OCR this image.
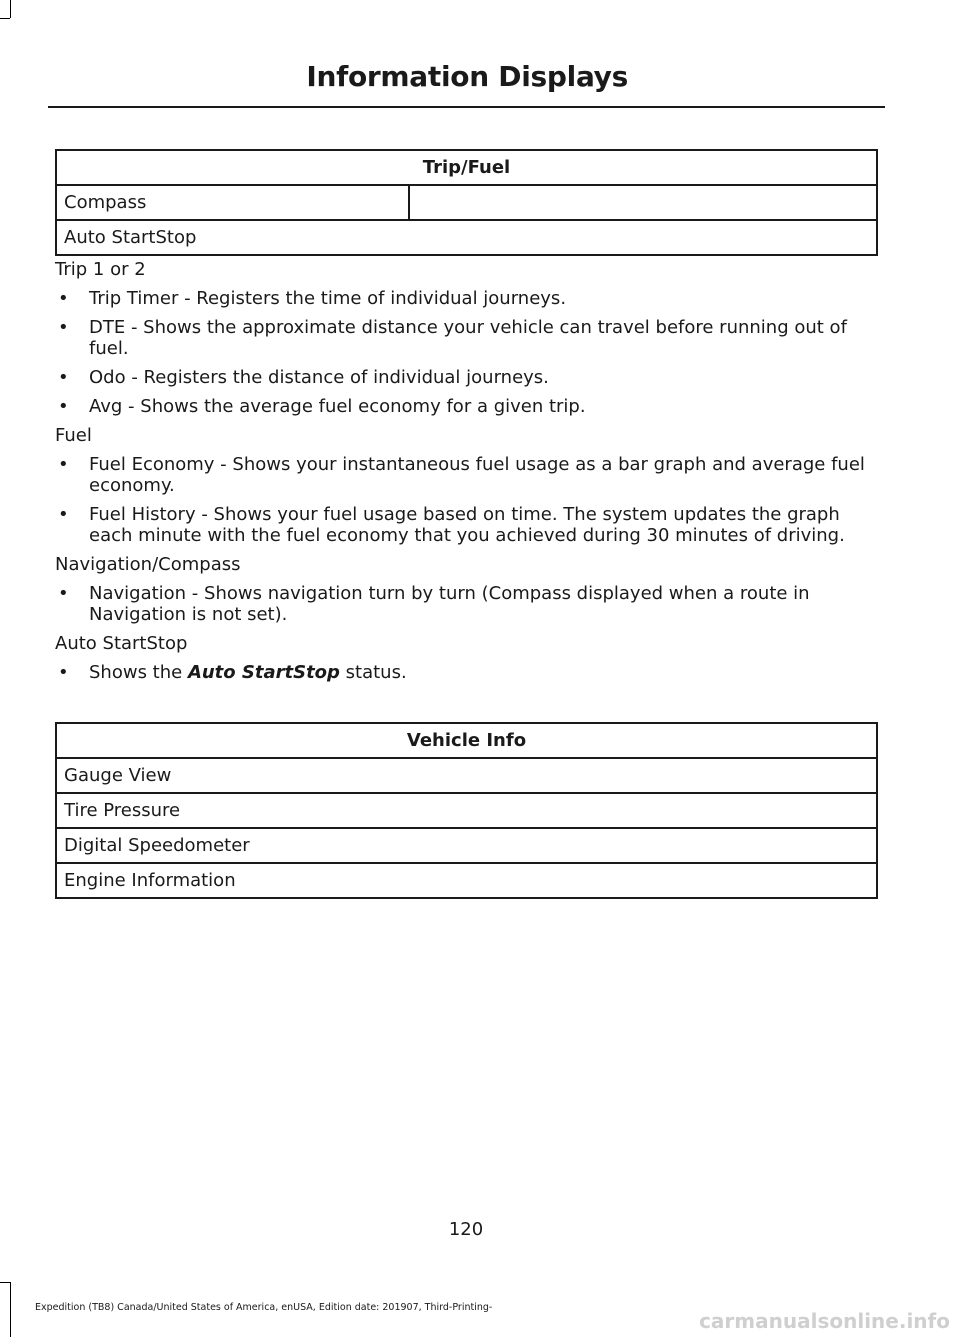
Information Displays
Trip/Fuel
Compass	
Auto StartStop

Trip 1 or 2

• Trip Timer - Registers the time of individual journeys.
• DTE - Shows the approximate distance your vehicle can travel before running out of fuel.
• Odo - Registers the distance of individual journeys.
• Avg - Shows the average fuel economy for a given trip.

Fuel

• Fuel Economy - Shows your instantaneous fuel usage as a bar graph and average fuel economy.
• Fuel History - Shows your fuel usage based on time. The system updates the graph each minute with the fuel economy that you achieved during 30 minutes of driving.

Navigation/Compass

• Navigation - Shows navigation turn by turn (Compass displayed when a route in Navigation is not set).

Auto StartStop

• Shows the Auto StartStop status.
Vehicle Info
Gauge View
Tire Pressure
Digital Speedometer
Engine Information
120
Expedition (TB8) Canada/United States of America, enUSA, Edition date: 201907, Third-Printing-
carmanualsonline.info
